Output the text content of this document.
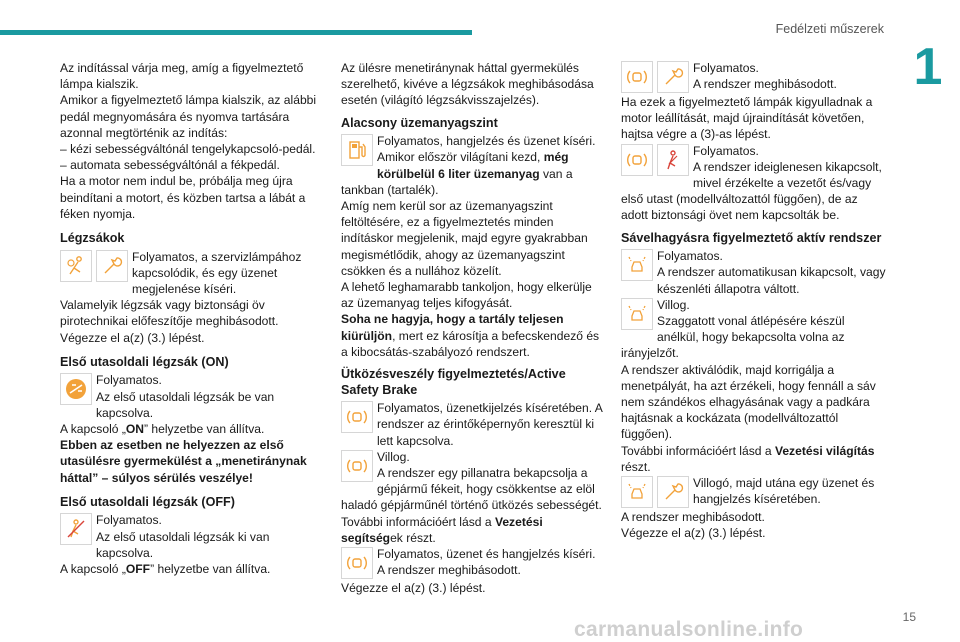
Fedélzeti műszerek
1

Az indítással várja meg, amíg a figyelmeztető lámpa kialszik.

Amikor a figyelmeztető lámpa kialszik, az alábbi pedál megnyomására és nyomva tartására azonnal megtörténik az indítás:

– kézi sebességváltónál tengelykapcsoló-pedál.

– automata sebességváltónál a fékpedál.

Ha a motor nem indul be, próbálja meg újra beindítani a motort, és közben tartsa a lábát a féken nyomja.

Légzsákok

Folyamatos, a szervizlámpához kapcsolódik, és egy üzenet megjelenése kíséri.

Valamelyik légzsák vagy biztonsági öv pirotechnikai előfeszítője meghibásodott.

Végezze el a(z) (3.) lépést.

Első utasoldali légzsák (ON)

Folyamatos.

Az első utasoldali légzsák be van kapcsolva.

A kapcsoló „ON” helyzetbe van állítva.

Ebben az esetben ne helyezzen az első utasülésre gyermekülést a „menetiránynak háttal” – súlyos sérülés veszélye!

Első utasoldali légzsák (OFF)

Folyamatos.

Az első utasoldali légzsák ki van kapcsolva.

A kapcsoló „OFF” helyzetbe van állítva.

Az ülésre menetiránynak háttal gyermekülés szerelhető, kivéve a légzsákok meghibásodása esetén (világító légzsákvisszajelzés).

Alacsony üzemanyagszint

Folyamatos, hangjelzés és üzenet kíséri. Amikor először világítani kezd, még körülbelül 6 liter üzemanyag van a tankban (tartalék).

Amíg nem kerül sor az üzemanyagszint feltöltésére, ez a figyelmeztetés minden indításkor megjelenik, majd egyre gyakrabban megismétlődik, ahogy az üzemanyagszint csökken és a nullához közelít.

A lehető leghamarabb tankoljon, hogy elkerülje az üzemanyag teljes kifogyását.

Soha ne hagyja, hogy a tartály teljesen kiürüljön, mert ez károsítja a befecskendező és a kibocsátás-szabályozó rendszert.

Ütközésveszély figyelmeztetés/Active Safety Brake

Folyamatos, üzenetkijelzés kíséretében. A rendszer az érintőképernyőn keresztül ki lett kapcsolva.

Villog.

A rendszer egy pillanatra bekapcsolja a gépjármű fékeit, hogy csökkentse az elöl haladó gépjárműnél történő ütközés sebességét.

További információért lásd a Vezetési segítségek részt.

Folyamatos, üzenet és hangjelzés kíséri.

A rendszer meghibásodott.

Végezze el a(z) (3.) lépést.

Folyamatos.

A rendszer meghibásodott.

Ha ezek a figyelmeztető lámpák kigyulladnak a motor leállítását, majd újraindítását követően, hajtsa végre a (3)-as lépést.

Folyamatos.

A rendszer ideiglenesen kikapcsolt, mivel érzékelte a vezetőt és/vagy első utast (modellváltozattól függően), de az adott biztonsági övet nem kapcsolták be.

Sávelhagyásra figyelmeztető aktív rendszer

Folyamatos.

A rendszer automatikusan kikapcsolt, vagy készenléti állapotra váltott.

Villog.

Szaggatott vonal átlépésére készül anélkül, hogy bekapcsolta volna az irányjelzőt.

A rendszer aktiválódik, majd korrigálja a menetpályát, ha azt érzékeli, hogy fennáll a sáv nem szándékos elhagyásának vagy a padkára hajtásnak a kockázata (modellváltozattól függően).

További információért lásd a Vezetési világítás részt.

Villogó, majd utána egy üzenet és hangjelzés kíséretében.

A rendszer meghibásodott.

Végezze el a(z) (3.) lépést.

15
carmanualsonline.info
